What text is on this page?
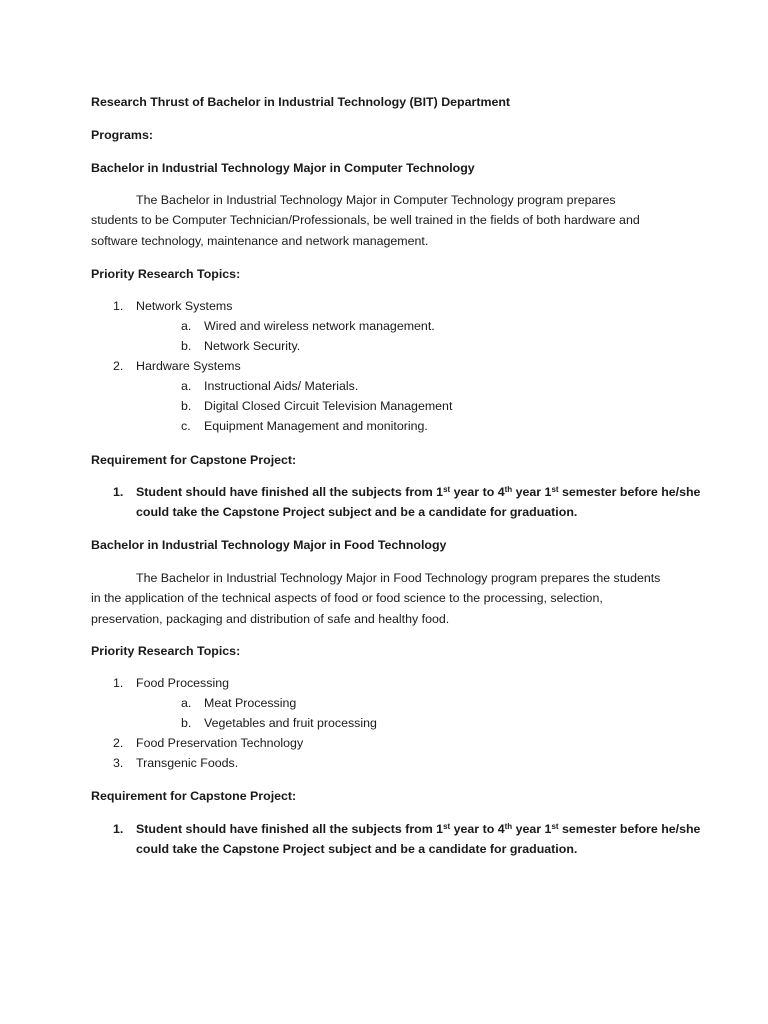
Research Thrust of Bachelor in Industrial Technology (BIT) Department
Programs:
Bachelor in Industrial Technology Major in Computer Technology
The Bachelor in Industrial Technology Major in Computer Technology program prepares
students to be Computer Technician/Professionals, be well trained in the fields of both hardware and
software technology, maintenance and network management.
Priority Research Topics:
1. Network Systems
a. Wired and wireless network management.
b. Network Security.
2. Hardware Systems
a. Instructional Aids/ Materials.
b. Digital Closed Circuit Television Management
c. Equipment Management and monitoring.
Requirement for Capstone Project:
1. Student should have finished all the subjects from 1st year to 4th year 1st semester before he/she
could take the Capstone Project subject and be a candidate for graduation.
Bachelor in Industrial Technology Major in Food Technology
The Bachelor in Industrial Technology Major in Food Technology program prepares the students
in the application of the technical aspects of food or food science to the processing, selection,
preservation, packaging and distribution of safe and healthy food.
Priority Research Topics:
1. Food Processing
a. Meat Processing
b. Vegetables and fruit processing
2. Food Preservation Technology
3. Transgenic Foods.
Requirement for Capstone Project:
1. Student should have finished all the subjects from 1st year to 4th year 1st semester before he/she
could take the Capstone Project subject and be a candidate for graduation.
